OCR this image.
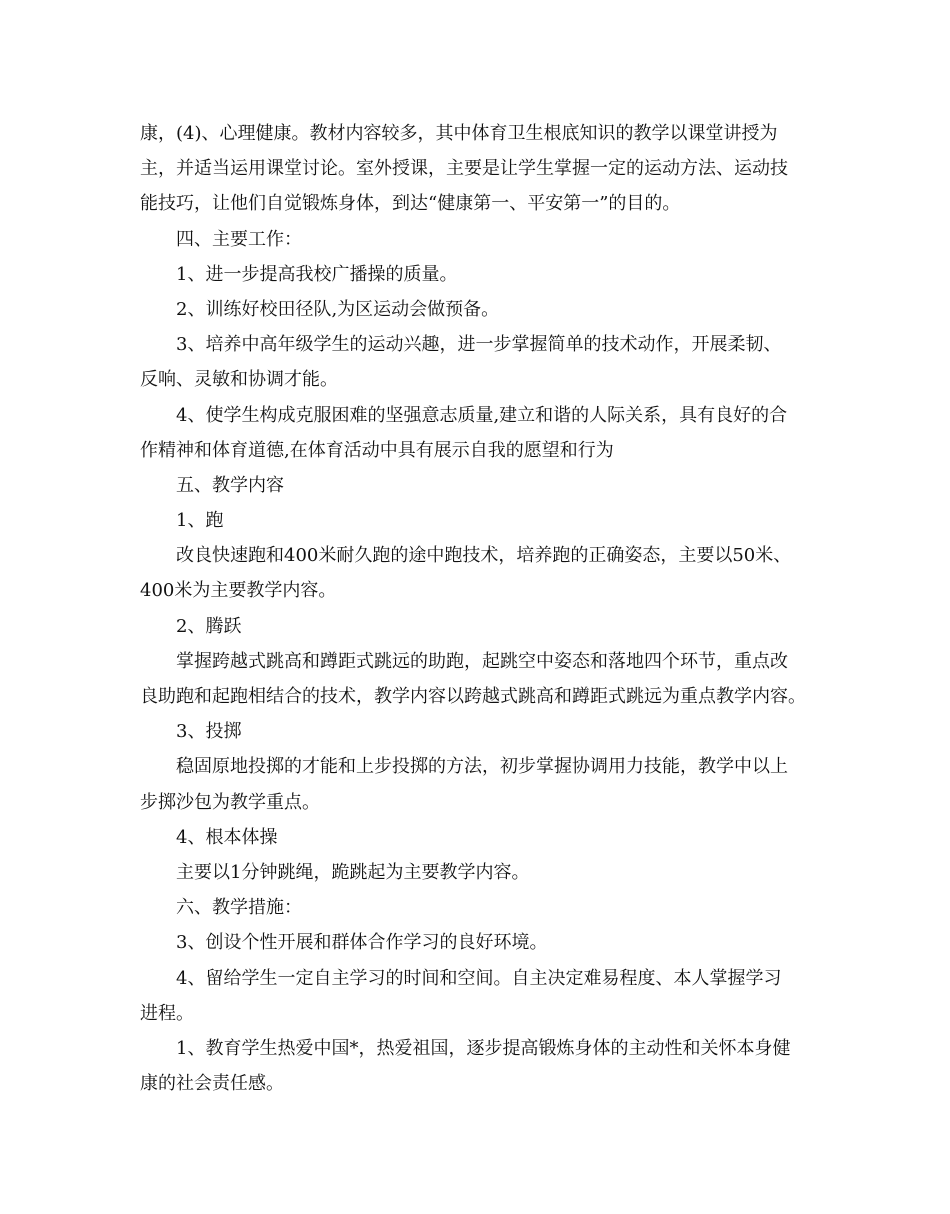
康，(4)、心理健康。教材内容较多，其中体育卫生根底知识的教学以课堂讲授为
主，并适当运用课堂讨论。室外授课，主要是让学生掌握一定的运动方法、运动技
能技巧，让他们自觉锻炼身体，到达“健康第一、平安第一”的目的。
四、主要工作：
1、进一步提高我校广播操的质量。
2、训练好校田径队,为区运动会做预备。
3、培养中高年级学生的运动兴趣，进一步掌握简单的技术动作，开展柔韧、
反响、灵敏和协调才能。
4、使学生构成克服困难的坚强意志质量,建立和谐的人际关系，具有良好的合
作精神和体育道德,在体育活动中具有展示自我的愿望和行为
五、教学内容
1、跑
改良快速跑和400米耐久跑的途中跑技术，培养跑的正确姿态，主要以50米、
400米为主要教学内容。
2、腾跃
掌握跨越式跳高和蹲距式跳远的助跑，起跳空中姿态和落地四个环节，重点改
良助跑和起跑相结合的技术，教学内容以跨越式跳高和蹲距式跳远为重点教学内容。
3、投掷
稳固原地投掷的才能和上步投掷的方法，初步掌握协调用力技能，教学中以上
步掷沙包为教学重点。
4、根本体操
主要以1分钟跳绳，跪跳起为主要教学内容。
六、教学措施：
3、创设个性开展和群体合作学习的良好环境。
4、留给学生一定自主学习的时间和空间。自主决定难易程度、本人掌握学习
进程。
1、教育学生热爱中国*，热爱祖国，逐步提高锻炼身体的主动性和关怀本身健
康的社会责任感。
